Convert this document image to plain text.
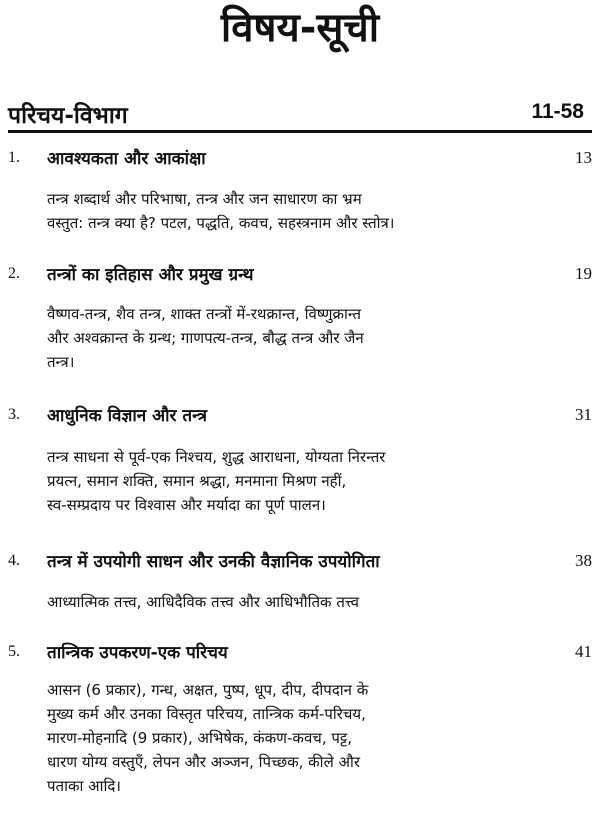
विषय-सूची
परिचय-विभाग	11-58
1. आवश्यकता और आकांक्षा	13

तन्त्र शब्दार्थ और परिभाषा, तन्त्र और जन साधारण का भ्रम
वस्तुत: तन्त्र क्या है? पटल, पद्धति, कवच, सहस्त्रनाम और स्तोत्र।

2. तन्त्रों का इतिहास और प्रमुख ग्रन्थ	19

वैष्णव-तन्त्र, शैव तन्त्र, शाक्त तन्त्रों में-रथक्रान्त, विष्णुक्रान्त
और अश्वक्रान्त के ग्रन्थ; गाणपत्य-तन्त्र, बौद्ध तन्त्र और जैन
तन्त्र।

3. आधुनिक विज्ञान और तन्त्र	31

तन्त्र साधना से पूर्व-एक निश्चय, शुद्ध आराधना, योग्यता निरन्तर
प्रयत्न, समान शक्ति, समान श्रद्धा, मनमाना मिश्रण नहीं,
स्व-सम्प्रदाय पर विश्वास और मर्यादा का पूर्ण पालन।

4. तन्त्र में उपयोगी साधन और उनकी वैज्ञानिक उपयोगिता	38

आध्यात्मिक तत्त्व, आधिदैविक तत्त्व और आधिभौतिक तत्त्व

5. तान्त्रिक उपकरण-एक परिचय	41

आसन (6 प्रकार), गन्ध, अक्षत, पुष्प, धूप, दीप, दीपदान के
मुख्य कर्म और उनका विस्तृत परिचय, तान्त्रिक कर्म-परिचय,
मारण-मोहनादि (9 प्रकार), अभिषेक, कंकण-कवच, पट्ट,
धारण योग्य वस्तुएँ, लेपन और अञ्जन, पिच्छक, कीले और
पताका आदि।
